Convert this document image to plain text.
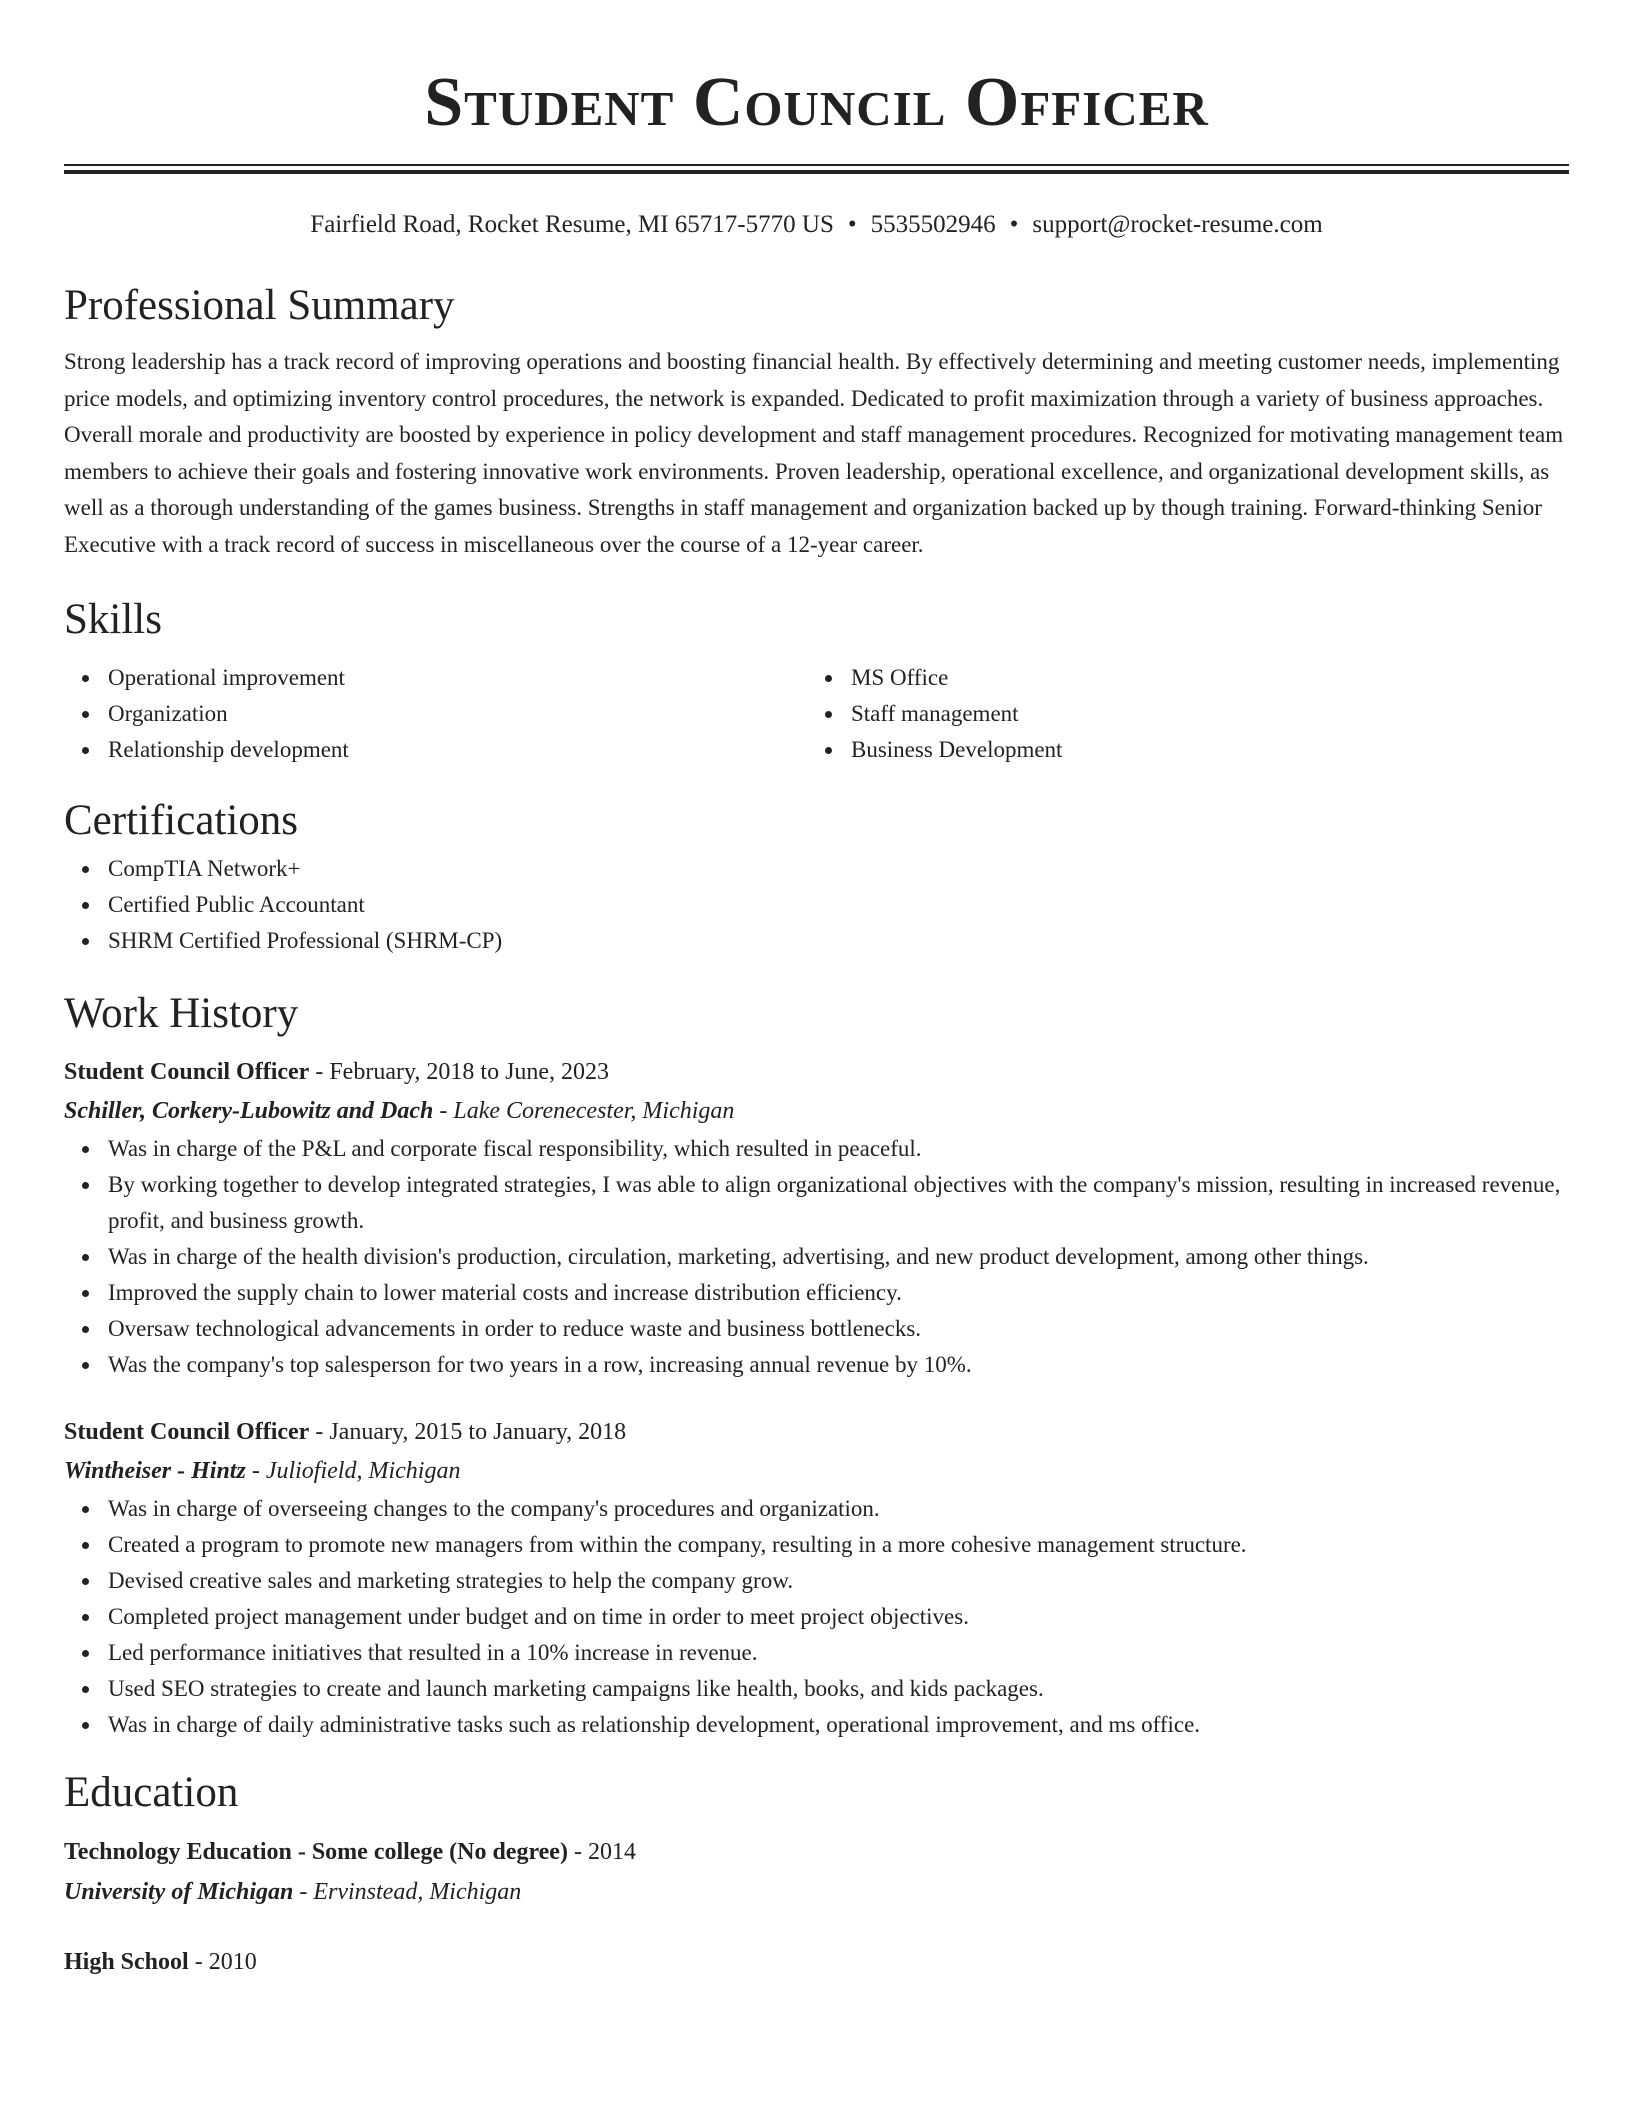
Student Council Officer
Fairfield Road, Rocket Resume, MI 65717-5770 US • 5535502946 • support@rocket-resume.com
Professional Summary
Strong leadership has a track record of improving operations and boosting financial health. By effectively determining and meeting customer needs, implementing price models, and optimizing inventory control procedures, the network is expanded. Dedicated to profit maximization through a variety of business approaches. Overall morale and productivity are boosted by experience in policy development and staff management procedures. Recognized for motivating management team members to achieve their goals and fostering innovative work environments. Proven leadership, operational excellence, and organizational development skills, as well as a thorough understanding of the games business. Strengths in staff management and organization backed up by though training. Forward-thinking Senior Executive with a track record of success in miscellaneous over the course of a 12-year career.
Skills
Operational improvement
Organization
Relationship development
MS Office
Staff management
Business Development
Certifications
CompTIA Network+
Certified Public Accountant
SHRM Certified Professional (SHRM-CP)
Work History
Student Council Officer - February, 2018 to June, 2023
Schiller, Corkery-Lubowitz and Dach - Lake Corenecester, Michigan
Was in charge of the P&L and corporate fiscal responsibility, which resulted in peaceful.
By working together to develop integrated strategies, I was able to align organizational objectives with the company's mission, resulting in increased revenue, profit, and business growth.
Was in charge of the health division's production, circulation, marketing, advertising, and new product development, among other things.
Improved the supply chain to lower material costs and increase distribution efficiency.
Oversaw technological advancements in order to reduce waste and business bottlenecks.
Was the company's top salesperson for two years in a row, increasing annual revenue by 10%.
Student Council Officer - January, 2015 to January, 2018
Wintheiser - Hintz - Juliofield, Michigan
Was in charge of overseeing changes to the company's procedures and organization.
Created a program to promote new managers from within the company, resulting in a more cohesive management structure.
Devised creative sales and marketing strategies to help the company grow.
Completed project management under budget and on time in order to meet project objectives.
Led performance initiatives that resulted in a 10% increase in revenue.
Used SEO strategies to create and launch marketing campaigns like health, books, and kids packages.
Was in charge of daily administrative tasks such as relationship development, operational improvement, and ms office.
Education
Technology Education - Some college (No degree) - 2014
University of Michigan - Ervinstead, Michigan
High School - 2010
